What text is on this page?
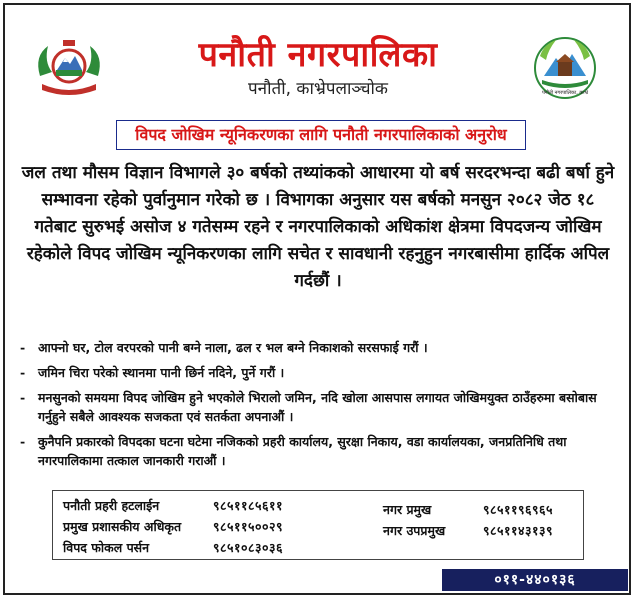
पनौती नगरपालिका
पनौती, काभ्रेपलाञ्चोक	पनौती नगरपालिका, काभ्रे
विपद जोखिम न्यूनिकरणका लागि पनौती नगरपालिकाको अनुरोध
जल तथा मौसम विज्ञान विभागले ३० बर्षको तथ्यांकको आधारमा यो बर्ष सरदरभन्दा बढी बर्षा हुने सम्भावना रहेको पुर्वानुमान गरेको छ । विभागका अनुसार यस बर्षको मनसुन २०८२ जेठ १८ गतेबाट सुरुभई असोज ४ गतेसम्म रहने र नगरपालिकाको अधिकांश क्षेत्रमा विपदजन्य जोखिम रहेकोले विपद जोखिम न्यूनिकरणका लागि सचेत र सावधानी रहनुहुन नगरबासीमा हार्दिक अपिल गर्दछौं ।
- आफ्नो घर, टोल वरपरको पानी बग्ने नाला, ढल र भल बग्ने निकाशको सरसफाई गरौं ।
- जमिन चिरा परेको स्थानमा पानी छिर्न नदिने, पुर्ने गरौं ।
- मनसुनको समयमा विपद जोखिम हुने भएकोले भिरालो जमिन, नदि खोला आसपास लगायत जोखिमयुक्त ठाउँहरुमा बसोबास गर्नुहुने सबैले आवश्यक सजकता एवं सतर्कता अपनाऔं ।
- कुनैपनि प्रकारको विपदका घटना घटेमा नजिकको प्रहरी कार्यालय, सुरक्षा निकाय, वडा कार्यालयका, जनप्रतिनिधि तथा नगरपालिकामा तत्काल जानकारी गराऔं ।
पनौती प्रहरी हटलाईन	९८५११८५६११
प्रमुख प्रशासकीय अधिकृत	९८५११५००२९
विपद फोकल पर्सन	९८५१०८३०३६
नगर प्रमुख	९८५११९६९६५
नगर उपप्रमुख	९८५११४३१३९
०११-४४०१३६
